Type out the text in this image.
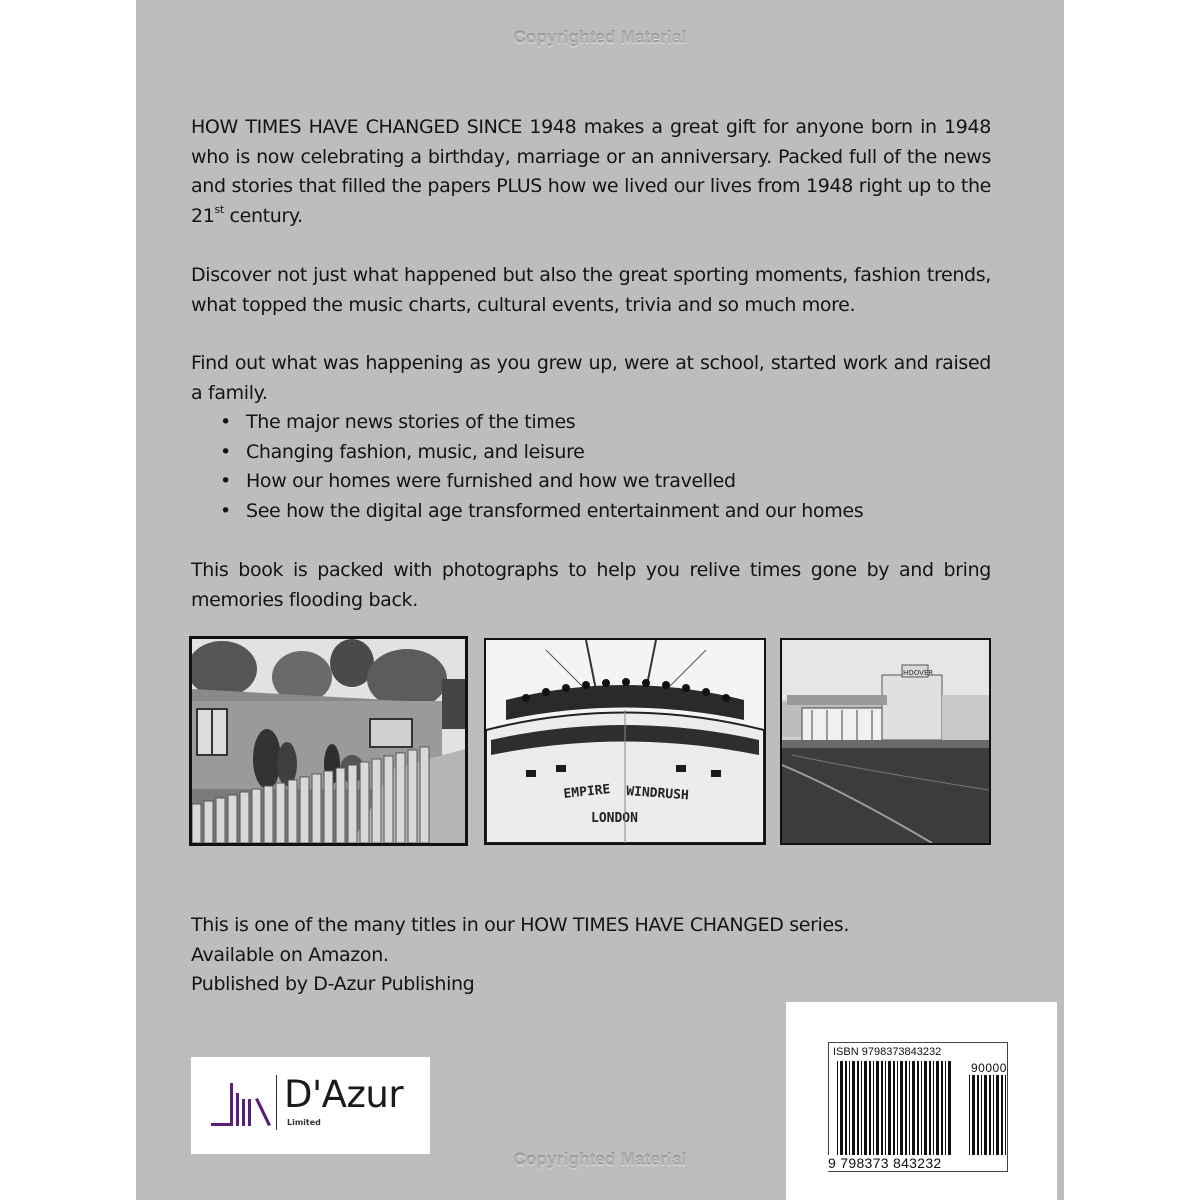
Copyrighted Material

HOW TIMES HAVE CHANGED SINCE 1948 makes a great gift for anyone born in 1948 who is now celebrating a birthday, marriage or an anniversary. Packed full of the news and stories that filled the papers PLUS how we lived our lives from 1948 right up to the 21st century.

Discover not just what happened but also the great sporting moments, fashion trends, what topped the music charts, cultural events, trivia and so much more.

Find out what was happening as you grew up, were at school, started work and raised a family.

• The major news stories of the times
• Changing fashion, music, and leisure
• How our homes were furnished and how we travelled
• See how the digital age transformed entertainment and our homes

This book is packed with photographs to help you relive times gone by and bring memories flooding back.

EMPIRE WINDRUSH
LONDON
HOOVER
This is one of the many titles in our HOW TIMES HAVE CHANGED series.
Available on Amazon.
Published by D-Azur Publishing
D'Azur
Limited
ISBN 9798373843232
90000
9 798373 843232
Copyrighted Material
